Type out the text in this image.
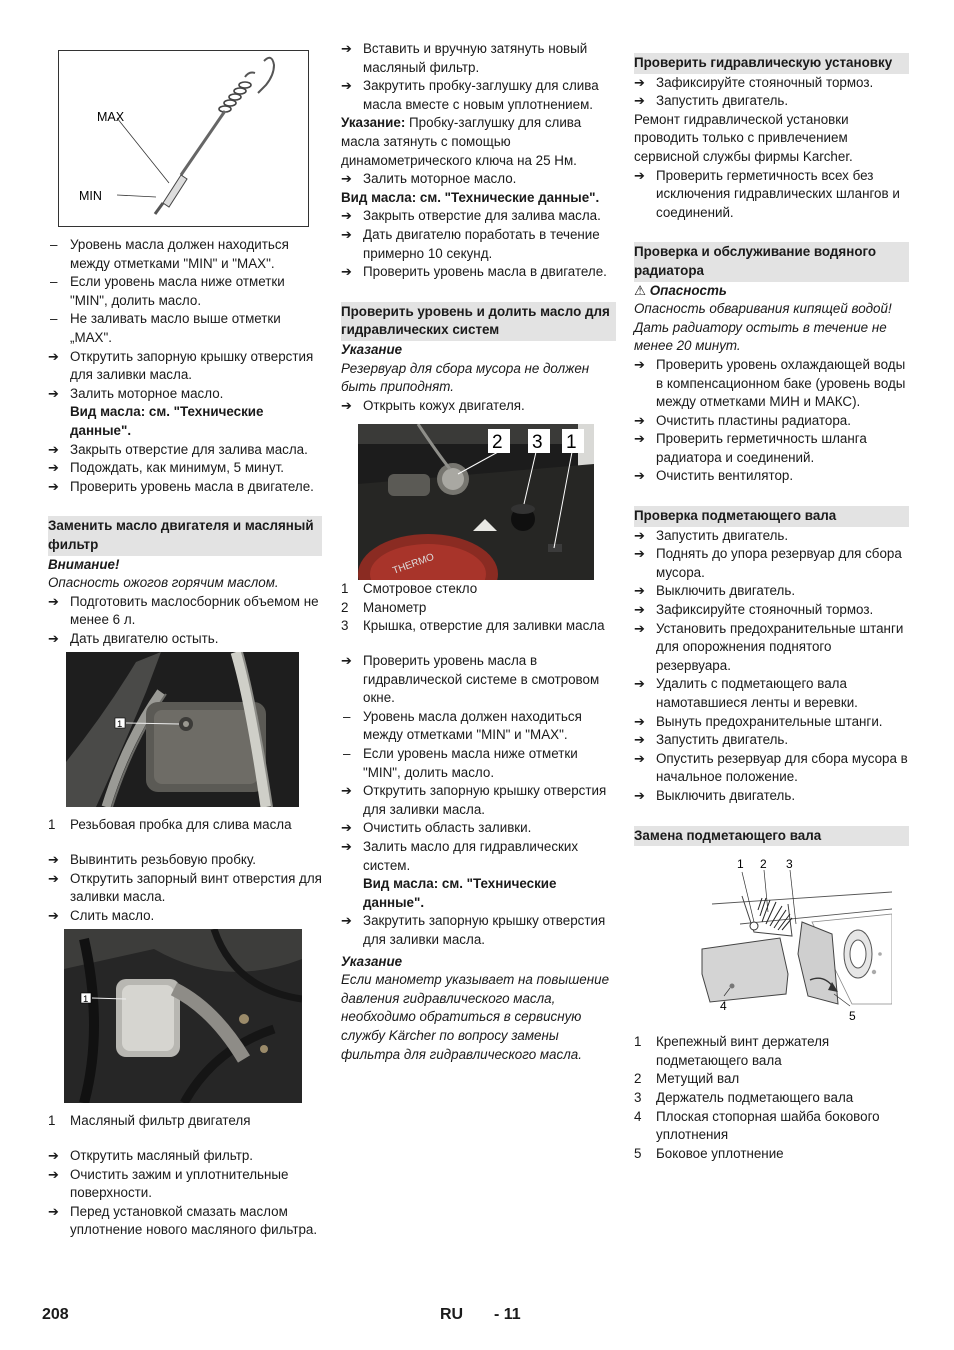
MAX
MIN
– Уровень масла должен находиться между отметками "MIN" и "MAX".
– Если уровень масла ниже отметки "MIN", долить масло.
– Не заливать масло выше отметки „MAX".
➔ Открутить запорную крышку отверстия для заливки масла.
➔ Залить моторное масло.
Вид масла: см. "Технические данные".
➔ Закрыть отверстие для залива масла.
➔ Подождать, как минимум, 5 минут.
➔ Проверить уровень масла в двигателе.
Заменить масло двигателя и масляный фильтр
Внимание!
Опасность ожогов горячим маслом.
➔ Подготовить маслосборник объемом не менее 6 л.
➔ Дать двигателю остыть.
1
1	Резьбовая пробка для слива масла
➔ Вывинтить резьбовую пробку.
➔ Открутить запорный винт отверстия для заливки масла.
➔ Слить масло.
1
1	Масляный фильтр двигателя
➔ Открутить масляный фильтр.
➔ Очистить зажим и уплотнительные поверхности.
➔ Перед установкой смазать маслом уплотнение нового масляного фильтра.
➔ Вставить и вручную затянуть новый масляный фильтр.
➔ Закрутить пробку-заглушку для слива масла вместе с новым уплотнением.
Указание: Пробку-заглушку для слива масла затянуть с помощью динамометрического ключа на 25 Нм.
➔ Залить моторное масло.
Вид масла: см. "Технические данные".
➔ Закрыть отверстие для залива масла.
➔ Дать двигателю поработать в течение примерно 10 секунд.
➔ Проверить уровень масла в двигателе.
Проверить уровень и долить масло для гидравлических систем
Указание
Резервуар для сбора мусора не должен быть приподнят.
➔ Открыть кожух двигателя.
THERMO
2 3 1
1	Смотровое стекло
2	Манометр
3	Крышка, отверстие для заливки масла
➔ Проверить уровень масла в гидравлической системе в смотровом окне.
– Уровень масла должен находиться между отметками "MIN" и "MAX".
– Если уровень масла ниже отметки "MIN", долить масло.
➔ Открутить запорную крышку отверстия для заливки масла.
➔ Очистить область заливки.
➔ Залить масло для гидравлических систем.
Вид масла: см. "Технические данные".
➔ Закрутить запорную крышку отверстия для заливки масла.
Указание
Если манометр указывает на повышение давления гидравлического масла, необходимо обратиться в сервисную службу Kärcher по вопросу замены фильтра для гидравлического масла.
Проверить гидравлическую установку
➔ Зафиксируйте стояночный тормоз.
➔ Запустить двигатель.
Ремонт гидравлической установки проводить только с привлечением сервисной службы фирмы Karcher.
➔ Проверить герметичность всех без исключения гидравлических шлангов и соединений.
Проверка и обслуживание водяного радиатора
⚠ Опасность
Опасность обваривания кипящей водой! Дать радиатору остыть в течение не менее 20 минут.
➔ Проверить уровень охлаждающей воды в компенсационном баке (уровень воды между отметками МИН и МАКС).
➔ Очистить пластины радиатора.
➔ Проверить герметичность шланга радиатора и соединений.
➔ Очистить вентилятор.
Проверка подметающего вала
➔ Запустить двигатель.
➔ Поднять до упора резервуар для сбора мусора.
➔ Выключить двигатель.
➔ Зафиксируйте стояночный тормоз.
➔ Установить предохранительные штанги для опорожнения поднятого резервуара.
➔ Удалить с подметающего вала намотавшиеся ленты и веревки.
➔ Вынуть предохранительные штанги.
➔ Запустить двигатель.
➔ Опустить резервуар для сбора мусора в начальное положение.
➔ Выключить двигатель.
Замена подметающего вала
1 2 3
4
5
1	Крепежный винт держателя подметающего вала
2	Метущий вал
3	Держатель подметающего вала
4	Плоская стопорная шайба бокового уплотнения
5	Боковое уплотнение
208	RU - 11
